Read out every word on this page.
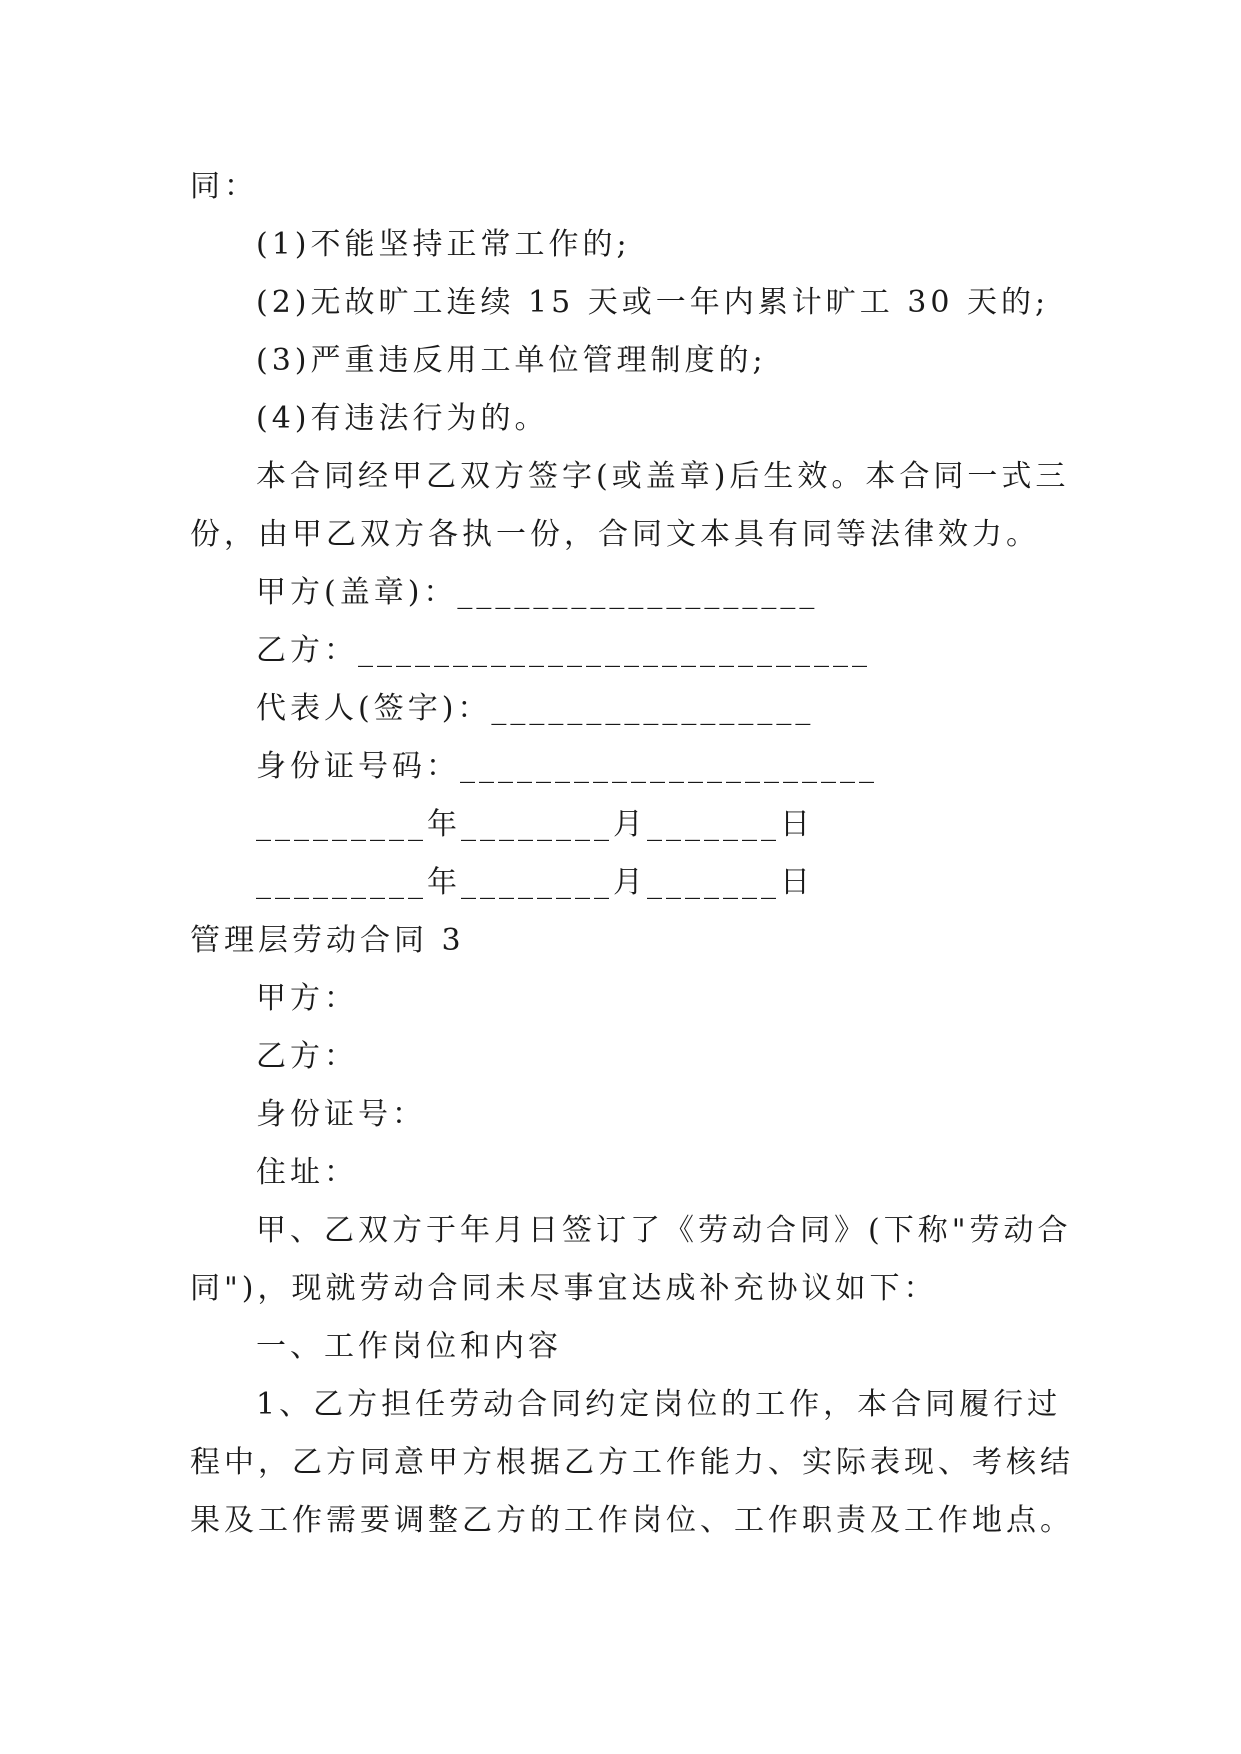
同：

(1)不能坚持正常工作的;

(2)无故旷工连续 15 天或一年内累计旷工 30 天的;

(3)严重违反用工单位管理制度的;

(4)有违法行为的。

本合同经甲乙双方签字(或盖章)后生效。本合同一式三

份，由甲乙双方各执一份，合同文本具有同等法律效力。

甲方(盖章)：___________________

乙方：___________________________

代表人(签字)：_________________

身份证号码：______________________

_________年________月_______日

_________年________月_______日

管理层劳动合同 3

甲方：

乙方：

身份证号：

住址：

甲、乙双方于年月日签订了《劳动合同》(下称"劳动合

同")，现就劳动合同未尽事宜达成补充协议如下：

一、工作岗位和内容

1、乙方担任劳动合同约定岗位的工作，本合同履行过

程中，乙方同意甲方根据乙方工作能力、实际表现、考核结

果及工作需要调整乙方的工作岗位、工作职责及工作地点。
